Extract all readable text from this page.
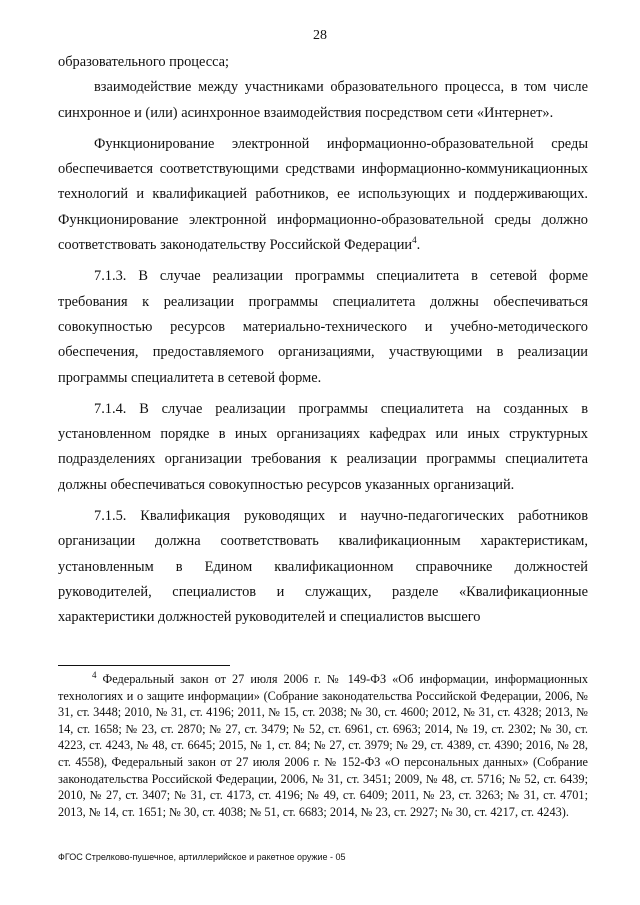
28

образовательного процесса;

взаимодействие между участниками образовательного процесса, в том числе синхронное и (или) асинхронное взаимодействия посредством сети «Интернет».

Функционирование электронной информационно-образовательной среды обеспечивается соответствующими средствами информационно-коммуникационных технологий и квалификацией работников, ее использующих и поддерживающих. Функционирование электронной информационно-образовательной среды должно соответствовать законодательству Российской Федерации$^4$.

7.1.3. В случае реализации программы специалитета в сетевой форме требования к реализации программы специалитета должны обеспечиваться совокупностью ресурсов материально-технического и учебно-методического обеспечения, предоставляемого организациями, участвующими в реализации программы специалитета в сетевой форме.

7.1.4. В случае реализации программы специалитета на созданных в установленном порядке в иных организациях кафедрах или иных структурных подразделениях организации требования к реализации программы специалитета должны обеспечиваться совокупностью ресурсов указанных организаций.

7.1.5. Квалификация руководящих и научно-педагогических работников организации должна соответствовать квалификационным характеристикам, установленным в Едином квалификационном справочнике должностей руководителей, специалистов и служащих, разделе «Квалификационные характеристики должностей руководителей и специалистов высшего

$^4$ Федеральный закон от 27 июля 2006 г. № 149-ФЗ «Об информации, информационных технологиях и о защите информации» (Собрание законодательства Российской Федерации, 2006, № 31, ст. 3448; 2010, № 31, ст. 4196; 2011, № 15, ст. 2038; № 30, ст. 4600; 2012, № 31, ст. 4328; 2013, № 14, ст. 1658; № 23, ст. 2870; № 27, ст. 3479; № 52, ст. 6961, ст. 6963; 2014, № 19, ст. 2302; № 30, ст. 4223, ст. 4243, № 48, ст. 6645; 2015, № 1, ст. 84; № 27, ст. 3979; № 29, ст. 4389, ст. 4390; 2016, № 28, ст. 4558), Федеральный закон от 27 июля 2006 г. № 152-ФЗ «О персональных данных» (Собрание законодательства Российской Федерации, 2006, № 31, ст. 3451; 2009, № 48, ст. 5716; № 52, ст. 6439; 2010, № 27, ст. 3407; № 31, ст. 4173, ст. 4196; № 49, ст. 6409; 2011, № 23, ст. 3263; № 31, ст. 4701; 2013, № 14, ст. 1651; № 30, ст. 4038; № 51, ст. 6683; 2014, № 23, ст. 2927; № 30, ст. 4217, ст. 4243).

ФГОС Стрелково-пушечное, артиллерийское и ракетное оружие - 05
